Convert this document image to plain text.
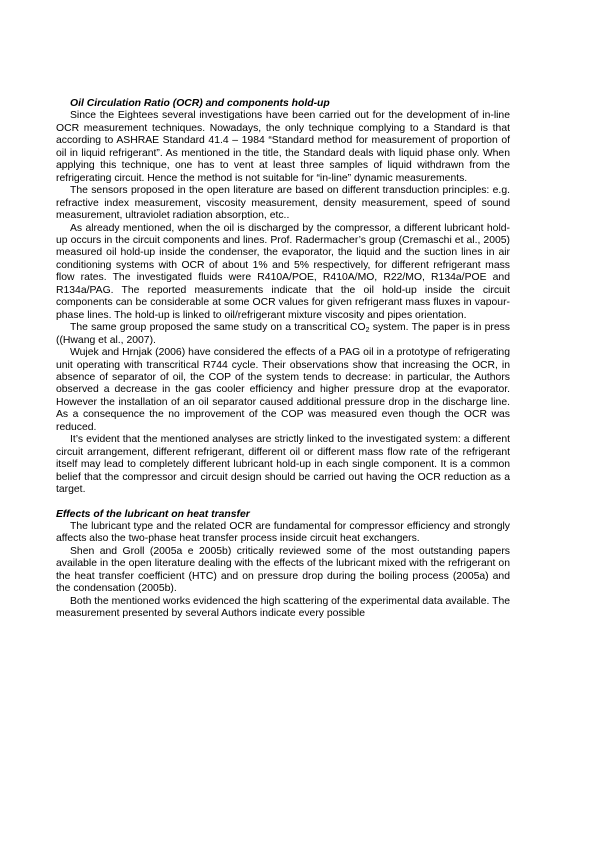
Oil Circulation Ratio (OCR) and components hold-up

Since the Eightees several investigations have been carried out for the development of in-line OCR measurement techniques. Nowadays, the only technique complying to a Standard is that according to ASHRAE Standard 41.4 – 1984 “Standard method for measurement of proportion of oil in liquid refrigerant”. As mentioned in the title, the Standard deals with liquid phase only. When applying this technique, one has to vent at least three samples of liquid withdrawn from the refrigerating circuit. Hence the method is not suitable for “in-line” dynamic measurements.

The sensors proposed in the open literature are based on different transduction principles: e.g. refractive index measurement, viscosity measurement, density measurement, speed of sound measurement, ultraviolet radiation absorption, etc..

As already mentioned, when the oil is discharged by the compressor, a different lubricant hold-up occurs in the circuit components and lines. Prof. Radermacher’s group (Cremaschi et al., 2005) measured oil hold-up inside the condenser, the evaporator, the liquid and the suction lines in air conditioning systems with OCR of about 1% and 5% respectively, for different refrigerant mass flow rates. The investigated fluids were R410A/POE, R410A/MO, R22/MO, R134a/POE and R134a/PAG. The reported measurements indicate that the oil hold-up inside the circuit components can be considerable at some OCR values for given refrigerant mass fluxes in vapour-phase lines. The hold-up is linked to oil/refrigerant mixture viscosity and pipes orientation.

The same group proposed the same study on a transcritical $CO_2$ system. The paper is in press ((Hwang et al., 2007).

Wujek and Hrnjak (2006) have considered the effects of a PAG oil in a prototype of refrigerating unit operating with transcritical R744 cycle. Their observations show that increasing the OCR, in absence of separator of oil, the COP of the system tends to decrease: in particular, the Authors observed a decrease in the gas cooler efficiency and higher pressure drop at the evaporator. However the installation of an oil separator caused additional pressure drop in the discharge line. As a consequence the no improvement of the COP was measured even though the OCR was reduced.

It’s evident that the mentioned analyses are strictly linked to the investigated system: a different circuit arrangement, different refrigerant, different oil or different mass flow rate of the refrigerant itself may lead to completely different lubricant hold-up in each single component. It is a common belief that the compressor and circuit design should be carried out having the OCR reduction as a target.

Effects of the lubricant on heat transfer

The lubricant type and the related OCR are fundamental for compressor efficiency and strongly affects also the two-phase heat transfer process inside circuit heat exchangers.

Shen and Groll (2005a e 2005b) critically reviewed some of the most outstanding papers available in the open literature dealing with the effects of the lubricant mixed with the refrigerant on the heat transfer coefficient (HTC) and on pressure drop during the boiling process (2005a) and the condensation (2005b).

Both the mentioned works evidenced the high scattering of the experimental data available. The measurement presented by several Authors indicate every possible
